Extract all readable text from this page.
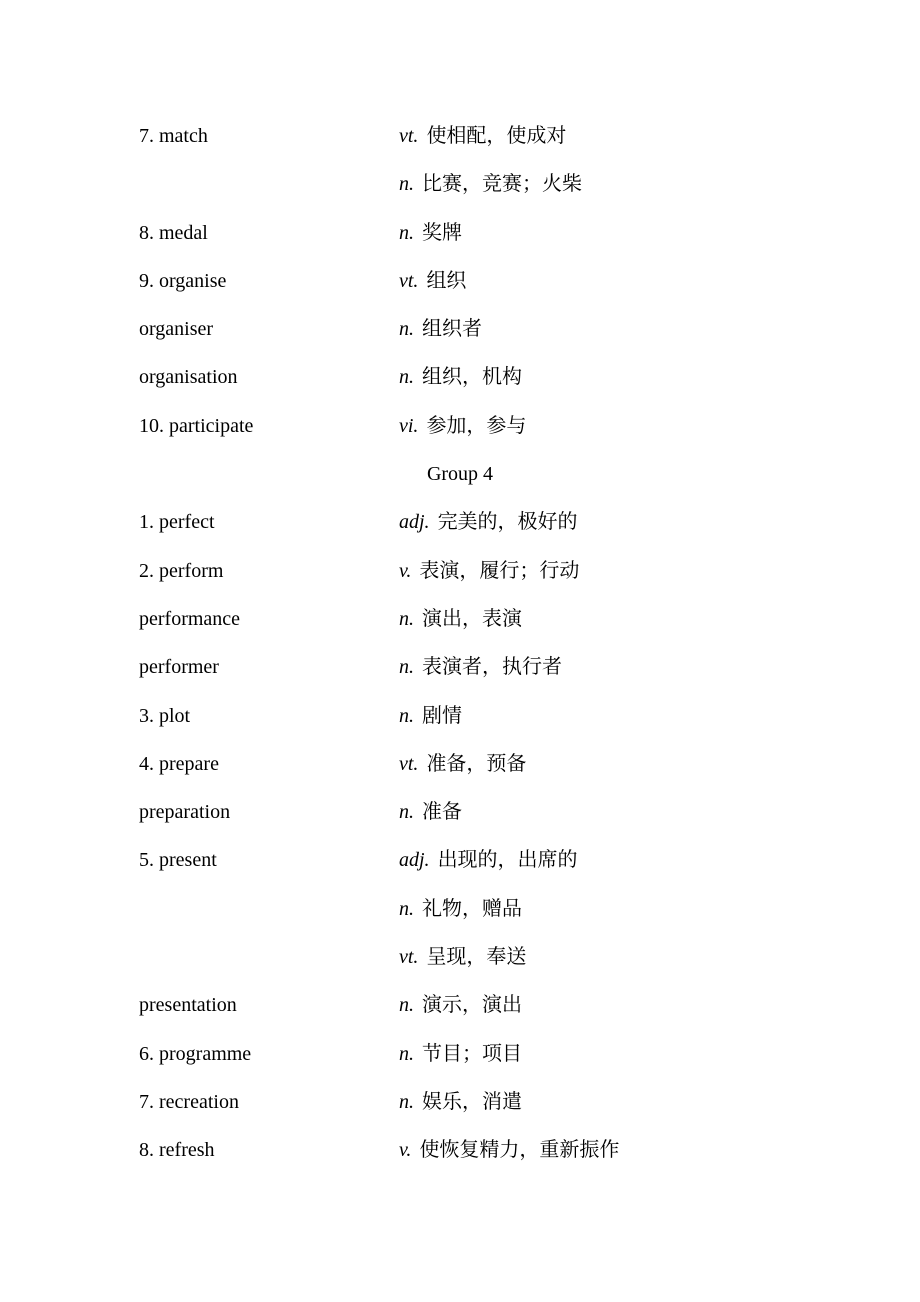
7. match	vt. 使相配，使成对
n. 比赛，竞赛；火柴
8. medal	n. 奖牌
9. organise	vt. 组织
organiser	n. 组织者
organisation	n. 组织，机构
10. participate	vi. 参加，参与
Group 4
1. perfect	adj. 完美的，极好的
2. perform	v. 表演，履行；行动
performance	n. 演出，表演
performer	n. 表演者，执行者
3. plot	n. 剧情
4. prepare	vt. 准备，预备
preparation	n. 准备
5. present	adj. 出现的，出席的
n. 礼物，赠品
vt. 呈现，奉送
presentation	n. 演示，演出
6. programme	n. 节目；项目
7. recreation	n. 娱乐，消遣
8. refresh	v. 使恢复精力，重新振作
